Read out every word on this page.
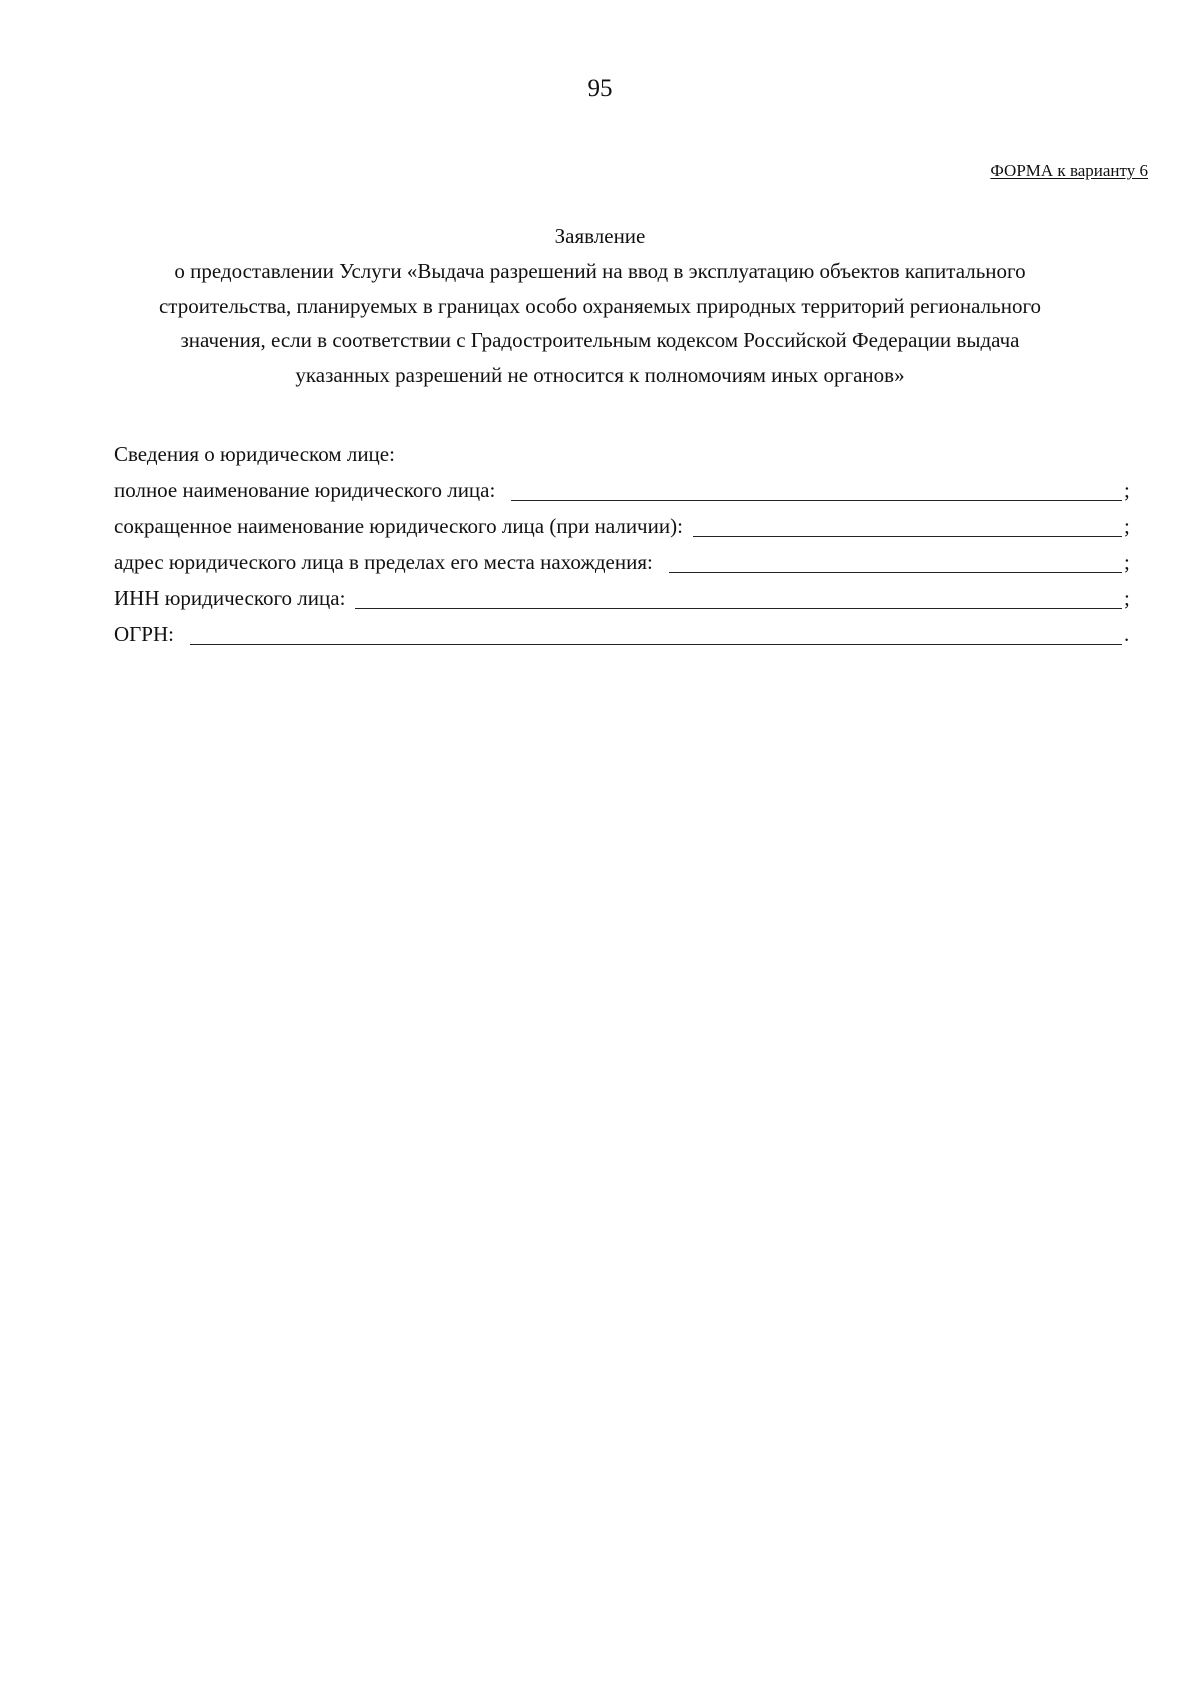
95
ФОРМА к варианту 6
Заявление
о предоставлении Услуги «Выдача разрешений на ввод в эксплуатацию объектов капитального
строительства, планируемых в границах особо охраняемых природных территорий регионального
значения, если в соответствии с Градостроительным кодексом Российской Федерации выдача
указанных разрешений не относится к полномочиям иных органов»
Сведения о юридическом лице:
полное наименование юридического лица:	;
сокращенное наименование юридического лица (при наличии):	;
адрес юридического лица в пределах его места нахождения:	;
ИНН юридического лица:	;
ОГРН:	.
